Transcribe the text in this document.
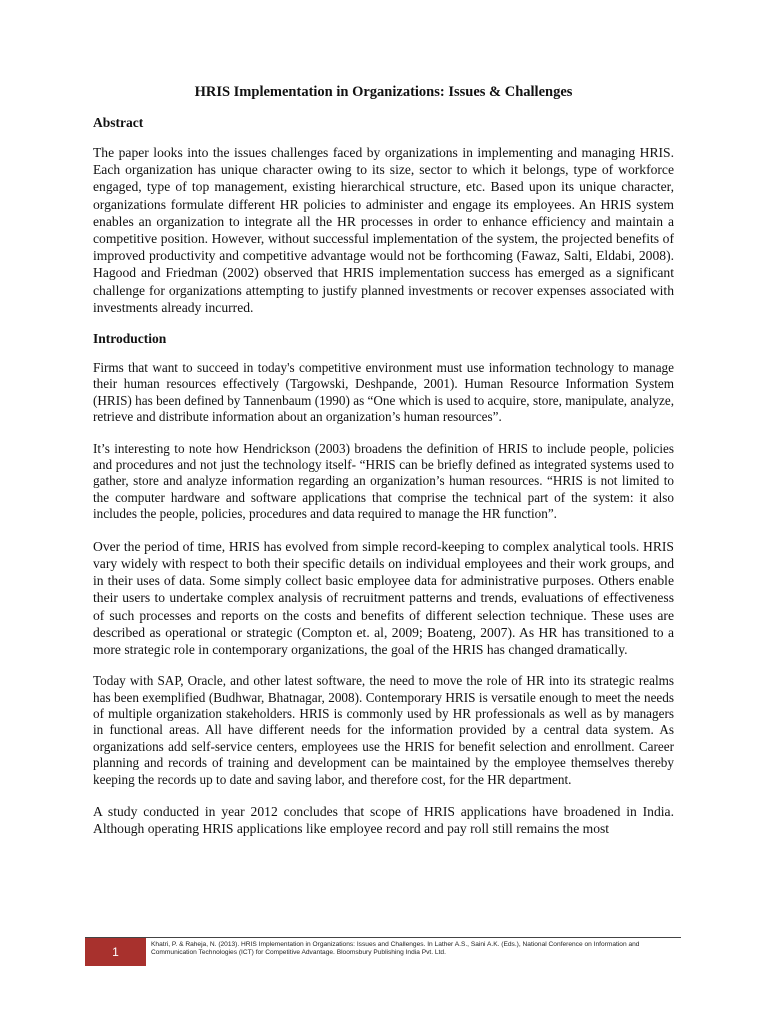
HRIS Implementation in Organizations: Issues & Challenges
Abstract

The paper looks into the issues challenges faced by organizations in implementing and managing HRIS. Each organization has unique character owing to its size, sector to which it belongs, type of workforce engaged, type of top management, existing hierarchical structure, etc. Based upon its unique character, organizations formulate different HR policies to administer and engage its employees. An HRIS system enables an organization to integrate all the HR processes in order to enhance efficiency and maintain a competitive position. However, without successful implementation of the system, the projected benefits of improved productivity and competitive advantage would not be forthcoming (Fawaz, Salti, Eldabi, 2008). Hagood and Friedman (2002) observed that HRIS implementation success has emerged as a significant challenge for organizations attempting to justify planned investments or recover expenses associated with investments already incurred.

Introduction

Firms that want to succeed in today's competitive environment must use information technology to manage their human resources effectively (Targowski, Deshpande, 2001). Human Resource Information System (HRIS) has been defined by Tannenbaum (1990) as “One which is used to acquire, store, manipulate, analyze, retrieve and distribute information about an organization’s human resources”.

It’s interesting to note how Hendrickson (2003) broadens the definition of HRIS to include people, policies and procedures and not just the technology itself- “HRIS can be briefly defined as integrated systems used to gather, store and analyze information regarding an organization’s human resources. “HRIS is not limited to the computer hardware and software applications that comprise the technical part of the system: it also includes the people, policies, procedures and data required to manage the HR function”.

Over the period of time, HRIS has evolved from simple record-keeping to complex analytical tools. HRIS vary widely with respect to both their specific details on individual employees and their work groups, and in their uses of data. Some simply collect basic employee data for administrative purposes. Others enable their users to undertake complex analysis of recruitment patterns and trends, evaluations of effectiveness of such processes and reports on the costs and benefits of different selection technique. These uses are described as operational or strategic (Compton et. al, 2009; Boateng, 2007). As HR has transitioned to a more strategic role in contemporary organizations, the goal of the HRIS has changed dramatically.

Today with SAP, Oracle, and other latest software, the need to move the role of HR into its strategic realms has been exemplified (Budhwar, Bhatnagar, 2008). Contemporary HRIS is versatile enough to meet the needs of multiple organization stakeholders. HRIS is commonly used by HR professionals as well as by managers in functional areas. All have different needs for the information provided by a central data system. As organizations add self-service centers, employees use the HRIS for benefit selection and enrollment. Career planning and records of training and development can be maintained by the employee themselves thereby keeping the records up to date and saving labor, and therefore cost, for the HR department.

A study conducted in year 2012 concludes that scope of HRIS applications have broadened in India. Although operating HRIS applications like employee record and pay roll still remains the most

1
Khatri, P. & Raheja, N. (2013). HRIS Implementation in Organizations: Issues and Challenges. In Lather A.S., Saini A.K. (Eds.), National Conference on Information and Communication Technologies (ICT) for Competitive Advantage. Bloomsbury Publishing India Pvt. Ltd.
